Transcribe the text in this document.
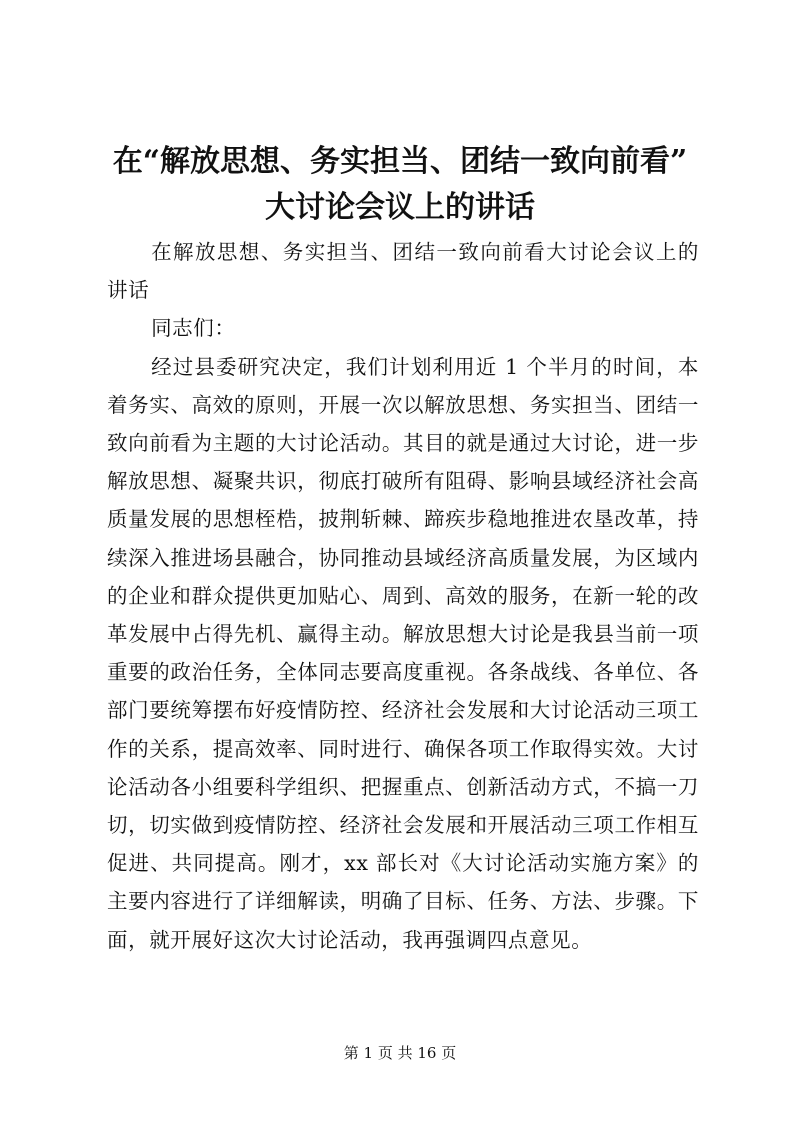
在“解放思想、务实担当、团结一致向前看”
大讨论会议上的讲话

在解放思想、务实担当、团结一致向前看大讨论会议上的讲话

同志们：

经过县委研究决定，我们计划利用近 1 个半月的时间，本着务实、高效的原则，开展一次以解放思想、务实担当、团结一致向前看为主题的大讨论活动。其目的就是通过大讨论，进一步解放思想、凝聚共识，彻底打破所有阻碍、影响县域经济社会高质量发展的思想桎梏，披荆斩棘、蹄疾步稳地推进农垦改革，持续深入推进场县融合，协同推动县域经济高质量发展，为区域内的企业和群众提供更加贴心、周到、高效的服务，在新一轮的改革发展中占得先机、赢得主动。解放思想大讨论是我县当前一项重要的政治任务，全体同志要高度重视。各条战线、各单位、各部门要统筹摆布好疫情防控、经济社会发展和大讨论活动三项工作的关系，提高效率、同时进行、确保各项工作取得实效。大讨论活动各小组要科学组织、把握重点、创新活动方式，不搞一刀切，切实做到疫情防控、经济社会发展和开展活动三项工作相互促进、共同提高。刚才，xx 部长对《大讨论活动实施方案》的主要内容进行了详细解读，明确了目标、任务、方法、步骤。下面，就开展好这次大讨论活动，我再强调四点意见。

第 1 页 共 16 页
